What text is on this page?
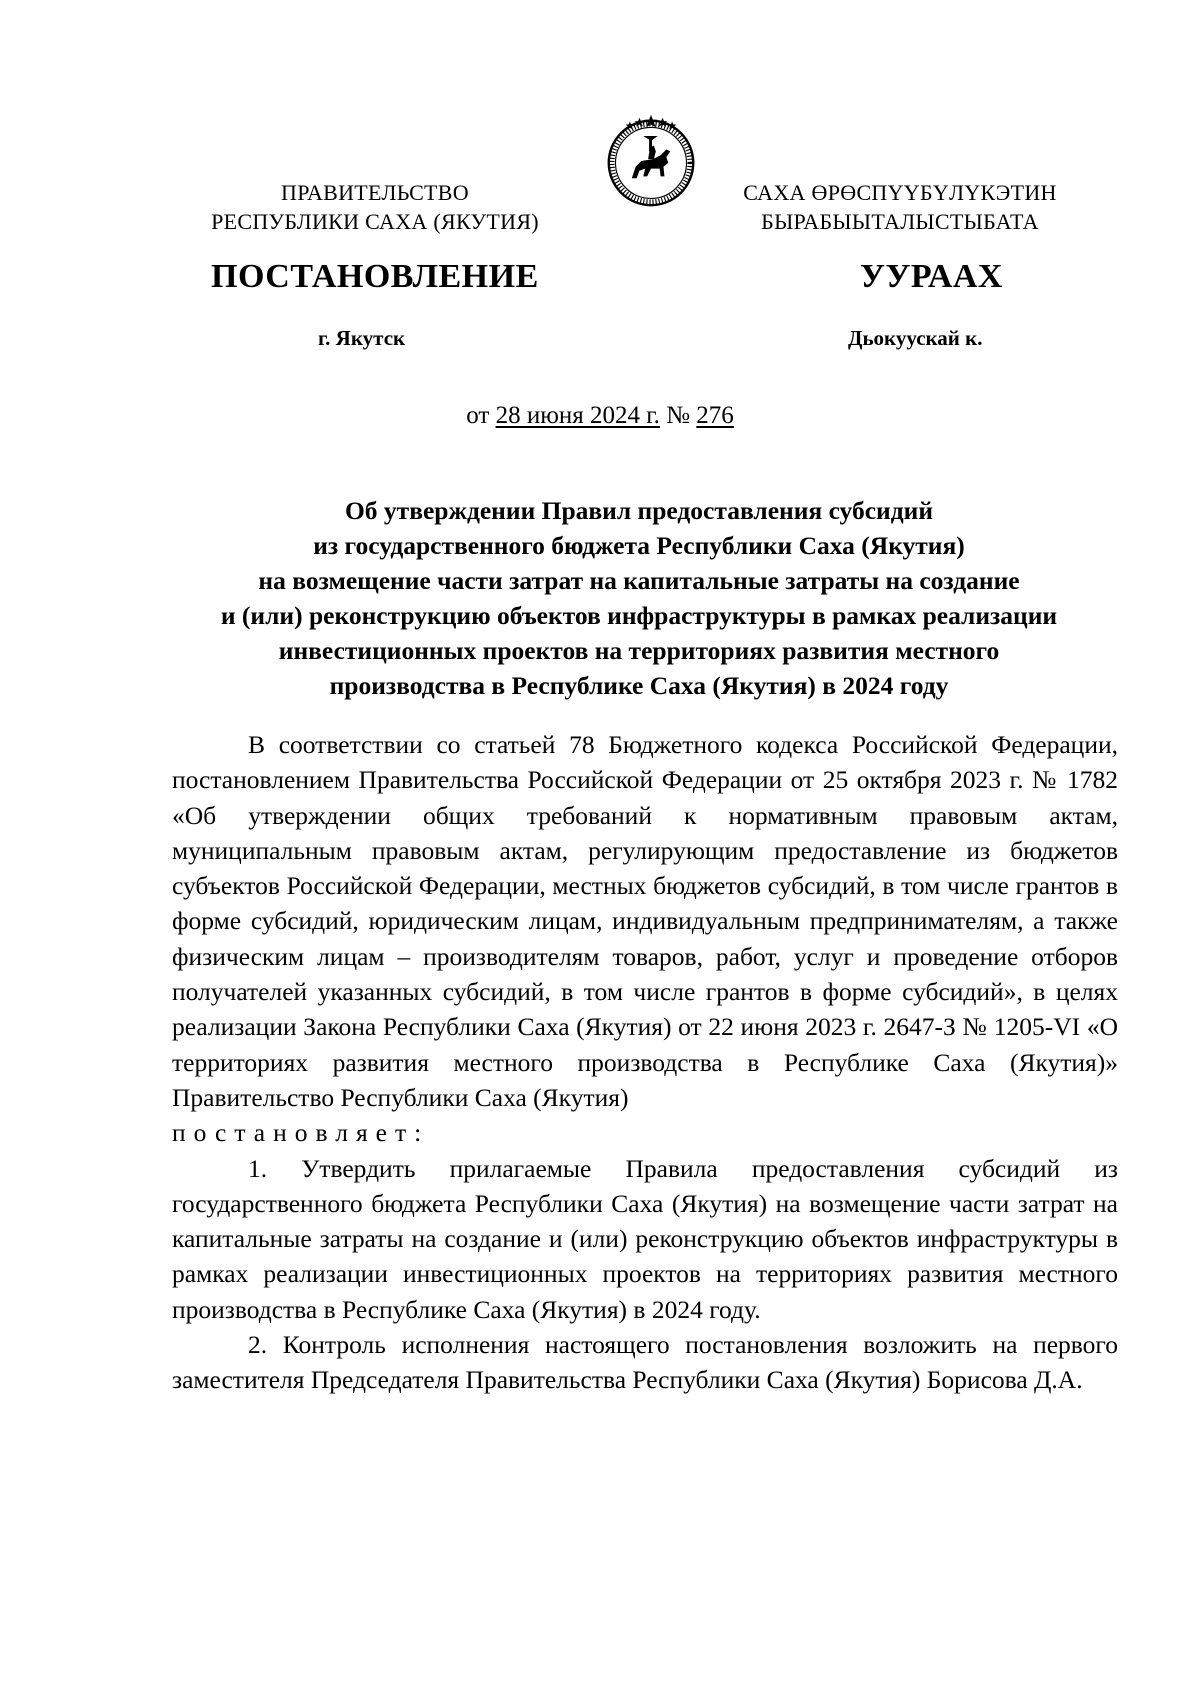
ПРАВИТЕЛЬСТВО
РЕСПУБЛИКИ САХА (ЯКУТИЯ)
САХА ӨРӨСПҮҮБҮЛҮКЭТИН
БЫРАБЫЫТАЛЫСТЫБАТА
ПОСТАНОВЛЕНИЕ	УУРААХ
г. Якутск	Дьокуускай к.
от 28 июня 2024 г. № 276
Об утверждении Правил предоставления субсидий
из государственного бюджета Республики Саха (Якутия)
на возмещение части затрат на капитальные затраты на создание
и (или) реконструкцию объектов инфраструктуры в рамках реализации
инвестиционных проектов на территориях развития местного
производства в Республике Саха (Якутия) в 2024 году

В соответствии со статьей 78 Бюджетного кодекса Российской Федерации, постановлением Правительства Российской Федерации от 25 октября 2023 г. № 1782 «Об утверждении общих требований к нормативным правовым актам, муниципальным правовым актам, регулирующим предоставление из бюджетов субъектов Российской Федерации, местных бюджетов субсидий, в том числе грантов в форме субсидий, юридическим лицам, индивидуальным предпринимателям, а также физическим лицам – производителям товаров, работ, услуг и проведение отборов получателей указанных субсидий, в том числе грантов в форме субсидий», в целях реализации Закона Республики Саха (Якутия) от 22 июня 2023 г. 2647-З № 1205-VI «О территориях развития местного производства в Республике Саха (Якутия)» Правительство Республики Саха (Якутия)

постановляет:

1. Утвердить прилагаемые Правила предоставления субсидий из государственного бюджета Республики Саха (Якутия) на возмещение части затрат на капитальные затраты на создание и (или) реконструкцию объектов инфраструктуры в рамках реализации инвестиционных проектов на территориях развития местного производства в Республике Саха (Якутия) в 2024 году.

2. Контроль исполнения настоящего постановления возложить на первого заместителя Председателя Правительства Республики Саха (Якутия) Борисова Д.А.
